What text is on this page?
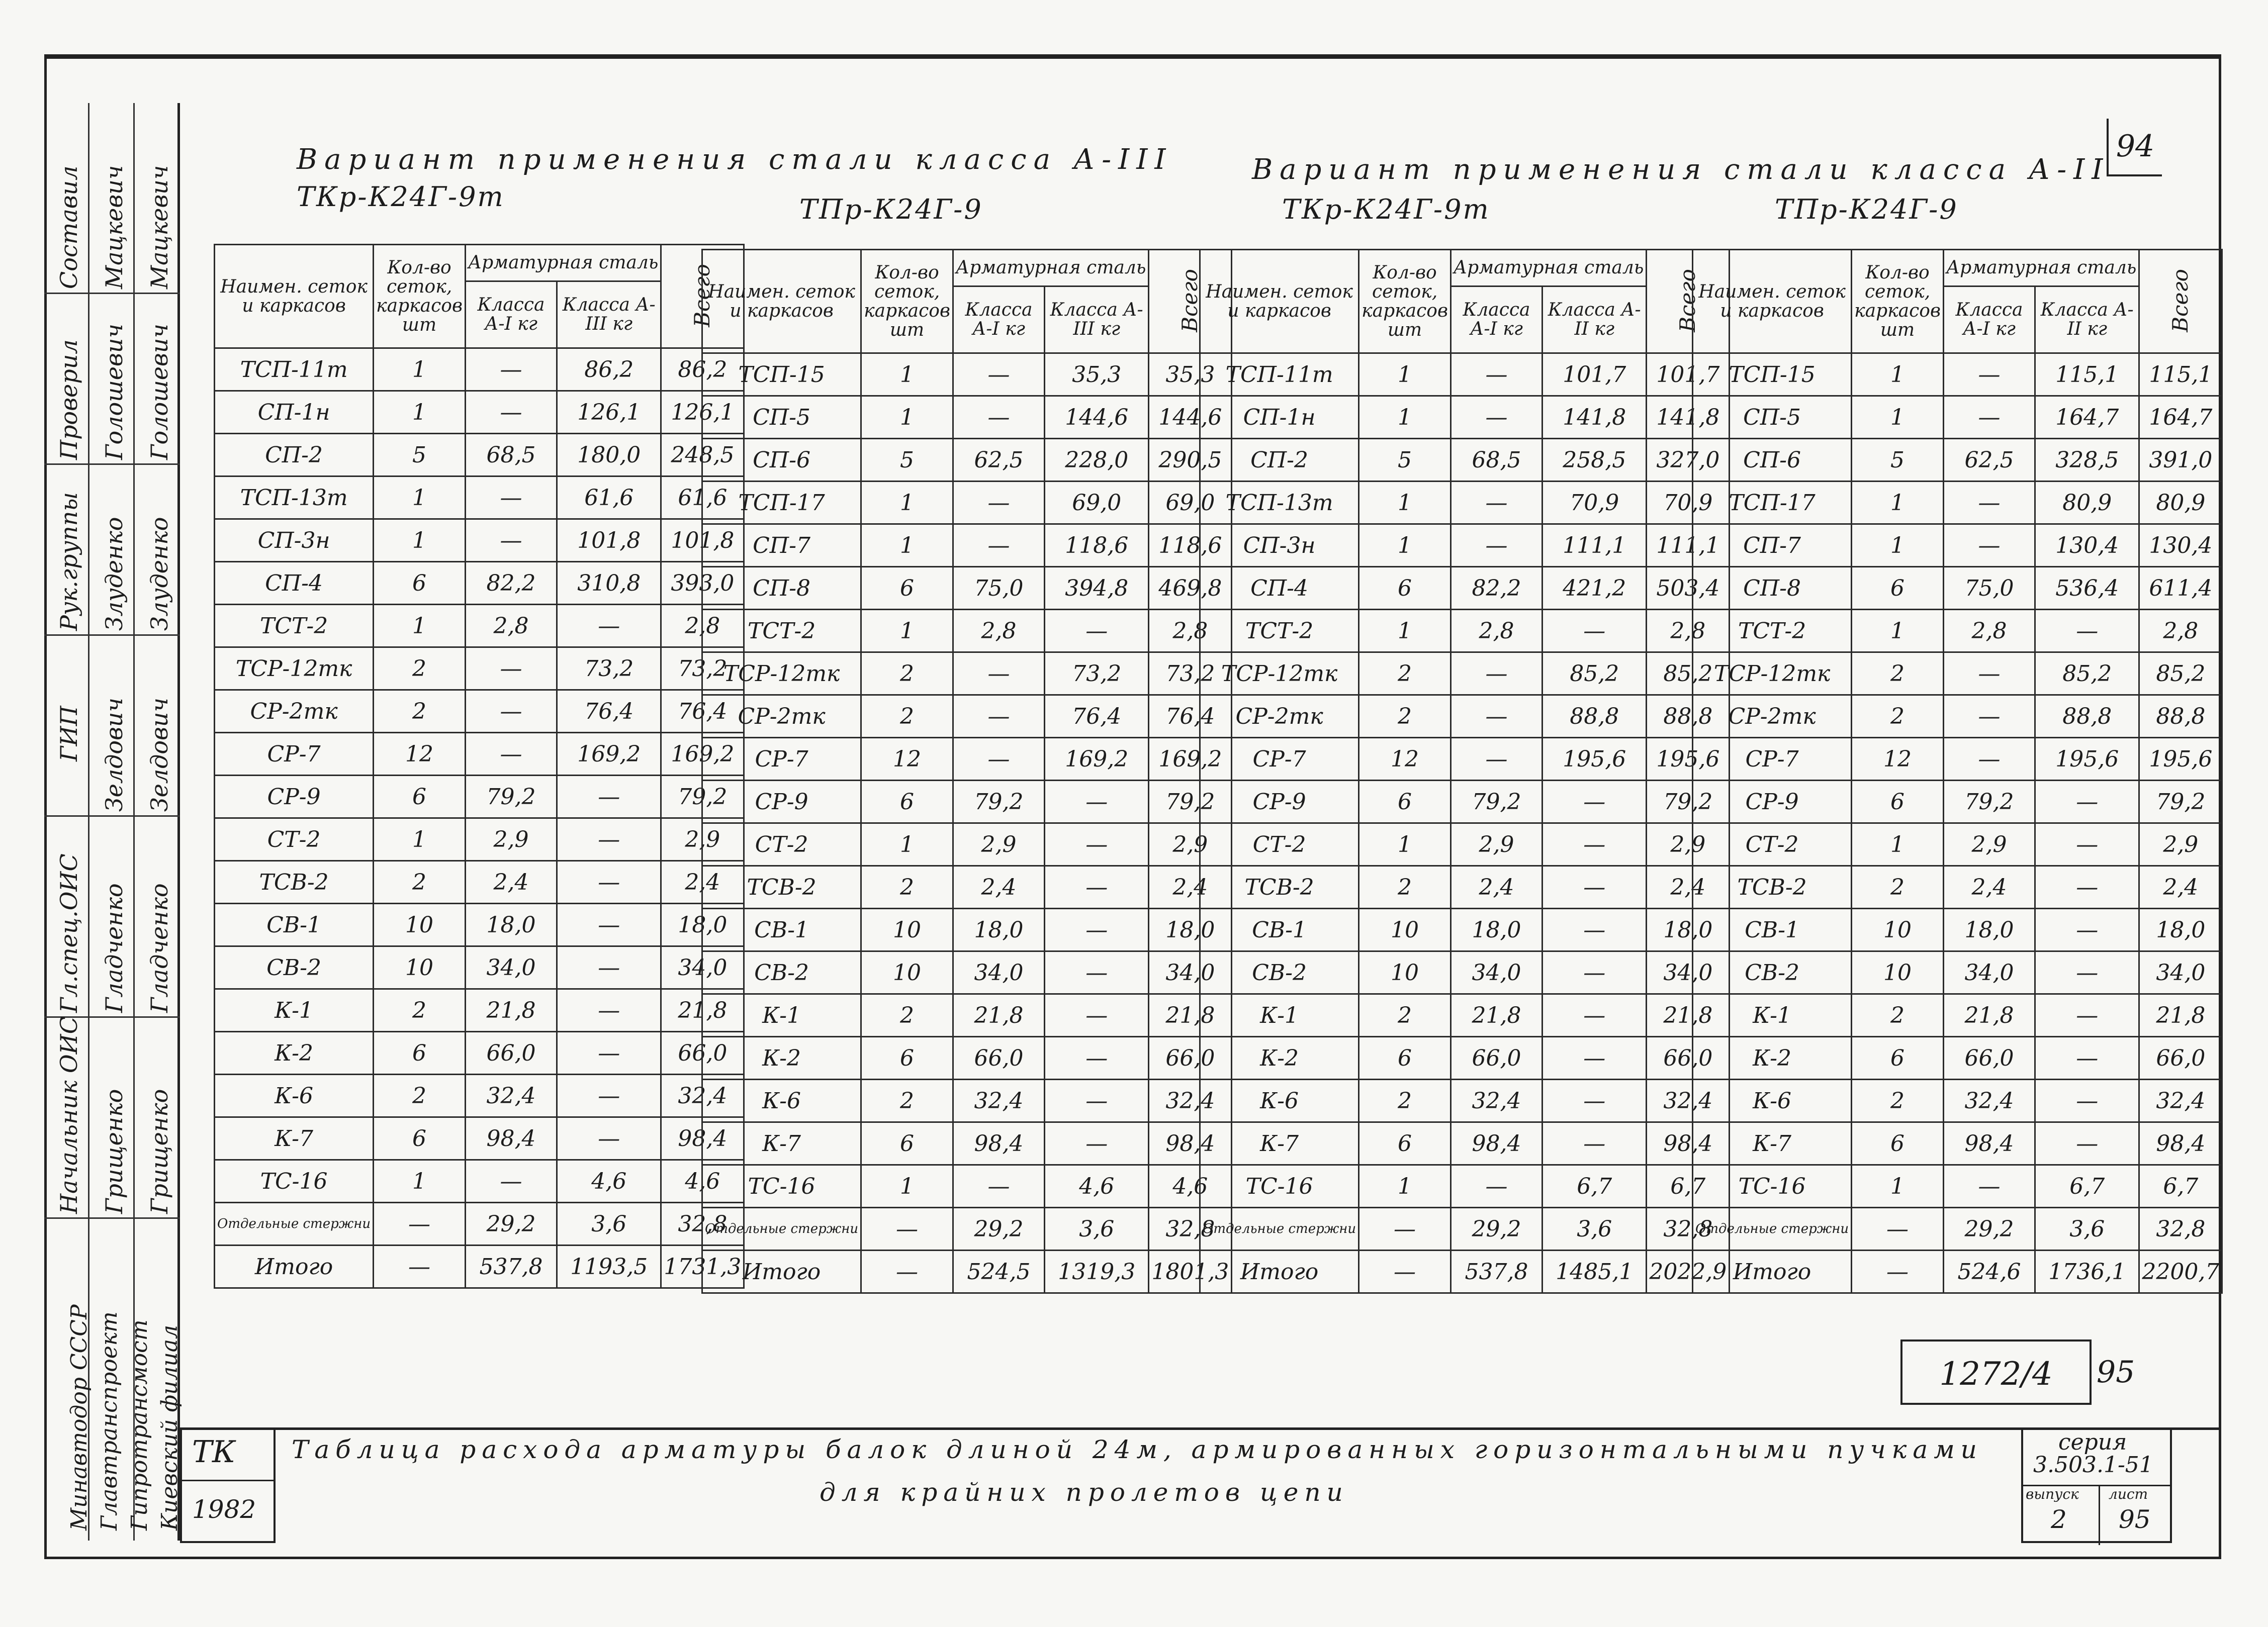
Составил Мацкевич Мацкевич
Проверил Голошевич Голошевич
Рук.группы Злуденко Злуденко
ГИП Зелдович Зелдович
Гл.спец.ОИС Гладченко Гладченко
Начальник ОИС Грищенко Грищенко
Минавтодор СССР Главтранспроект Гипротрансмост Киевский филиал
94
Вариант применения стали класса А-III
ТКр-К24Г-9т	ТПр-К24Г-9
Вариант применения стали класса А-II
ТКр-К24Г-9т	ТПр-К24Г-9
Наимен. сеток и каркасов	Кол-во сеток, каркасов шт	Арматурная сталь		Всего
		Класса А-I кг	Класса А-III кг	
ТСП-11т	1	—	86,2	86,2
СП-1н	1	—	126,1	126,1
СП-2	5	68,5	180,0	248,5
ТСП-13т	1	—	61,6	61,6
СП-3н	1	—	101,8	101,8
СП-4	6	82,2	310,8	393,0
ТСТ-2	1	2,8	—	2,8
ТСР-12тк	2	—	73,2	73,2
СР-2тк	2	—	76,4	76,4
СР-7	12	—	169,2	169,2
СР-9	6	79,2	—	79,2
СТ-2	1	2,9	—	2,9
ТСВ-2	2	2,4	—	2,4
СВ-1	10	18,0	—	18,0
СВ-2	10	34,0	—	34,0
К-1	2	21,8	—	21,8
К-2	6	66,0	—	66,0
К-6	2	32,4	—	32,4
К-7	6	98,4	—	98,4
ТС-16	1	—	4,6	4,6
Отдельные стержни	—	29,2	3,6	32,8
Итого	—	537,8	1193,5	1731,3
Наимен. сеток и каркасов	Кол-во сеток, каркасов шт	Арматурная сталь		Всего
		Класса А-I кг	Класса А-III кг	
ТСП-15	1	—	35,3	35,3
СП-5	1	—	144,6	144,6
СП-6	5	62,5	228,0	290,5
ТСП-17	1	—	69,0	69,0
СП-7	1	—	118,6	118,6
СП-8	6	75,0	394,8	469,8
ТСТ-2	1	2,8	—	2,8
ТСР-12тк	2	—	73,2	73,2
СР-2тк	2	—	76,4	76,4
СР-7	12	—	169,2	169,2
СР-9	6	79,2	—	79,2
СТ-2	1	2,9	—	2,9
ТСВ-2	2	2,4	—	2,4
СВ-1	10	18,0	—	18,0
СВ-2	10	34,0	—	34,0
К-1	2	21,8	—	21,8
К-2	6	66,0	—	66,0
К-6	2	32,4	—	32,4
К-7	6	98,4	—	98,4
ТС-16	1	—	4,6	4,6
Отдельные стержни	—	29,2	3,6	32,8
Итого	—	524,5	1319,3	1801,3
Наимен. сеток и каркасов	Кол-во сеток, каркасов шт	Арматурная сталь		Всего
		Класса А-I кг	Класса А-II кг	
ТСП-11т	1	—	101,7	101,7
СП-1н	1	—	141,8	141,8
СП-2	5	68,5	258,5	327,0
ТСП-13т	1	—	70,9	70,9
СП-3н	1	—	111,1	111,1
СП-4	6	82,2	421,2	503,4
ТСТ-2	1	2,8	—	2,8
ТСР-12тк	2	—	85,2	85,2
СР-2тк	2	—	88,8	88,8
СР-7	12	—	195,6	195,6
СР-9	6	79,2	—	79,2
СТ-2	1	2,9	—	2,9
ТСВ-2	2	2,4	—	2,4
СВ-1	10	18,0	—	18,0
СВ-2	10	34,0	—	34,0
К-1	2	21,8	—	21,8
К-2	6	66,0	—	66,0
К-6	2	32,4	—	32,4
К-7	6	98,4	—	98,4
ТС-16	1	—	6,7	6,7
Отдельные стержни	—	29,2	3,6	32,8
Итого	—	537,8	1485,1	2022,9
Наимен. сеток и каркасов	Кол-во сеток, каркасов шт	Арматурная сталь		Всего
		Класса А-I кг	Класса А-II кг	
ТСП-15	1	—	115,1	115,1
СП-5	1	—	164,7	164,7
СП-6	5	62,5	328,5	391,0
ТСП-17	1	—	80,9	80,9
СП-7	1	—	130,4	130,4
СП-8	6	75,0	536,4	611,4
ТСТ-2	1	2,8	—	2,8
ТСР-12тк	2	—	85,2	85,2
СР-2тк	2	—	88,8	88,8
СР-7	12	—	195,6	195,6
СР-9	6	79,2	—	79,2
СТ-2	1	2,9	—	2,9
ТСВ-2	2	2,4	—	2,4
СВ-1	10	18,0	—	18,0
СВ-2	10	34,0	—	34,0
К-1	2	21,8	—	21,8
К-2	6	66,0	—	66,0
К-6	2	32,4	—	32,4
К-7	6	98,4	—	98,4
ТС-16	1	—	6,7	6,7
Отдельные стержни	—	29,2	3,6	32,8
Итого	—	524,6	1736,1	2200,7
1272/4	95
ТК
1982
Таблица расхода арматуры балок длиной 24м, армированных горизонтальными пучками
для крайних пролетов цепи
серия
3.503.1-51
выпуск лист
2 95
